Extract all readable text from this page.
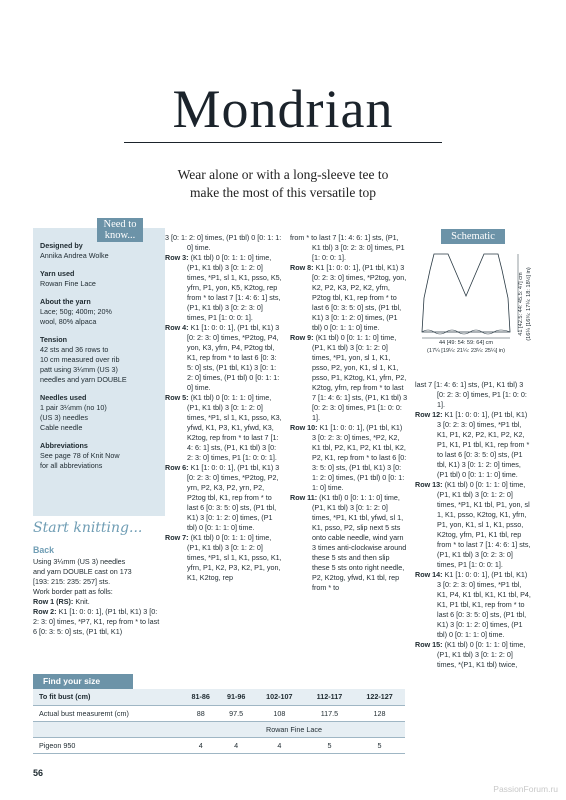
Mondrian
Wear alone or with a long-sleeve tee to
make the most of this versatile top
Designed by
Annika Andrea Wolke
Yarn used
Rowan Fine Lace
About the yarn
Lace; 50g; 400m; 20%
wool, 80% alpaca
Tension
42 sts and 36 rows to
10 cm measured over rib
patt using 3¼mm (US 3)
needles and yarn DOUBLE
Needles used
1 pair 3¼mm (no 10)
(US 3) needles
Cable needle
Abbreviations
See page 78 of Knit Now
for all abbreviations
Need to
know...
Start knitting...
Back
Using 3¼mm (US 3) needles
and yarn DOUBLE cast on 173
[193: 215: 235: 257] sts.
Work border patt as folls:

Row 1 (RS): Knit.

Row 2: K1 [1: 0: 0: 1], (P1 tbl, K1) 3 [0: 2: 3: 0] times, *P7, K1, rep from * to last 6 [0: 3: 5: 0] sts, (P1 tbl, K1)

3 [0: 1: 2: 0] times, (P1 tbl) 0 [0: 1: 1: 0] time.

Row 3: (K1 tbl) 0 [0: 1: 1: 0] time, (P1, K1 tbl) 3 [0: 1: 2: 0] times, *P1, sl 1, K1, psso, K5, yfrn, P1, yon, K5, K2tog, rep from * to last 7 [1: 4: 6: 1] sts, (P1, K1 tbl) 3 [0: 2: 3: 0] times, P1 [1: 0: 0: 1].

Row 4: K1 [1: 0: 0: 1], (P1 tbl, K1) 3 [0: 2: 3: 0] times, *P2tog, P4, yon, K3, yfrn, P4, P2tog tbl, K1, rep from * to last 6 [0: 3: 5: 0] sts, (P1 tbl, K1) 3 [0: 1: 2: 0] times, (P1 tbl) 0 [0: 1: 1: 0] time.

Row 5: (K1 tbl) 0 [0: 1: 1: 0] time, (P1, K1 tbl) 3 [0: 1: 2: 0] times, *P1, sl 1, K1, psso, K3, yfwd, K1, P3, K1, yfwd, K3, K2tog, rep from * to last 7 [1: 4: 6: 1] sts, (P1, K1 tbl) 3 [0: 2: 3: 0] times, P1 [1: 0: 0: 1].

Row 6: K1 [1: 0: 0: 1], (P1 tbl, K1) 3 [0: 2: 3: 0] times, *P2tog, P2, yrn, P2, K3, P2, yrn, P2, P2tog tbl, K1, rep from * to last 6 [0: 3: 5: 0] sts, (P1 tbl, K1) 3 [0: 1: 2: 0] times, (P1 tbl) 0 [0: 1: 1: 0] time.

Row 7: (K1 tbl) 0 [0: 1: 1: 0] time, (P1, K1 tbl) 3 [0: 1: 2: 0] times, *P1, sl 1, K1, psso, K1, yfrn, P1, K2, P3, K2, P1, yon, K1, K2tog, rep

from * to last 7 [1: 4: 6: 1] sts, (P1, K1 tbl) 3 [0: 2: 3: 0] times, P1 [1: 0: 0: 1].

Row 8: K1 [1: 0: 0: 1], (P1 tbl, K1) 3 [0: 2: 3: 0] times, *P2tog, yon, K2, P2, K3, P2, K2, yfrn, P2tog tbl, K1, rep from * to last 6 [0: 3: 5: 0] sts, (P1 tbl, K1) 3 [0: 1: 2: 0] times, (P1 tbl) 0 [0: 1: 1: 0] time.

Row 9: (K1 tbl) 0 [0: 1: 1: 0] time, (P1, K1 tbl) 3 [0: 1: 2: 0] times, *P1, yon, sl 1, K1, psso, P2, yon, K1, sl 1, K1, psso, P1, K2tog, K1, yfrn, P2, K2tog, yfrn, rep from * to last 7 [1: 4: 6: 1] sts, (P1, K1 tbl) 3 [0: 2: 3: 0] times, P1 [1: 0: 0: 1].

Row 10: K1 [1: 0: 0: 1], (P1 tbl, K1) 3 [0: 2: 3: 0] times, *P2, K2, K1 tbl, P2, K1, P2, K1 tbl, K2, P2, K1, rep from * to last 6 [0: 3: 5: 0] sts, (P1 tbl, K1) 3 [0: 1: 2: 0] times, (P1 tbl) 0 [0: 1: 1: 0] time.

Row 11: (K1 tbl) 0 [0: 1: 1: 0] time, (P1, K1 tbl) 3 [0: 1: 2: 0] times, *P1, K1 tbl, yfwd, sl 1, K1, psso, P2, slip next 5 sts onto cable needle, wind yarn 3 times anti-clockwise around these 5 sts and then slip these 5 sts onto right needle, P2, K2tog, yfwd, K1 tbl, rep from * to

last 7 [1: 4: 6: 1] sts, (P1, K1 tbl) 3 [0: 2: 3: 0] times, P1 [1: 0: 0: 1].

Row 12: K1 [1: 0: 0: 1], (P1 tbl, K1) 3 [0: 2: 3: 0] times, *P1 tbl, K1, P1, K2, P2, K1, P2, K2, P1, K1, P1 tbl, K1, rep from * to last 6 [0: 3: 5: 0] sts, (P1 tbl, K1) 3 [0: 1: 2: 0] times, (P1 tbl) 0 [0: 1: 1: 0] time.

Row 13: (K1 tbl) 0 [0: 1: 1: 0] time, (P1, K1 tbl) 3 [0: 1: 2: 0] times, *P1, K1 tbl, P1, yon, sl 1, K1, psso, K2tog, K1, yfrn, P1, yon, K1, sl 1, K1, psso, K2tog, yfrn, P1, K1 tbl, rep from * to last 7 [1: 4: 6: 1] sts, (P1, K1 tbl) 3 [0: 2: 3: 0] times, P1 [1: 0: 0: 1].

Row 14: K1 [1: 0: 0: 1], (P1 tbl, K1) 3 [0: 2: 3: 0] times, *P1 tbl, K1, P4, K1 tbl, K1, K1 tbl, P4, K1, P1 tbl, K1, rep from * to last 6 [0: 3: 5: 0] sts, (P1 tbl, K1) 3 [0: 1: 2: 0] times, (P1 tbl) 0 [0: 1: 1: 0] time.

Row 15: (K1 tbl) 0 [0: 1: 1: 0] time, (P1, K1 tbl) 3 [0: 1: 2: 0] times, *(P1, K1 tbl) twice,

Schematic
44 [49: 54: 59: 64] cm
(17¼ [19¼: 21¼: 23¼: 25¼] in)
41 [42.5: 44: 45.5: 47] cm (16¼ [16¾: 17¼: 18: 18½] in)
Find your size
To fit bust (cm)	81-86	91-96	102-107	112-117	122-127
Actual bust measuremt (cm)	88	97.5	108	117.5	128
	Rowan Fine Lace				
Pigeon 950	4	4	4	5	5
56
PassionForum.ru
